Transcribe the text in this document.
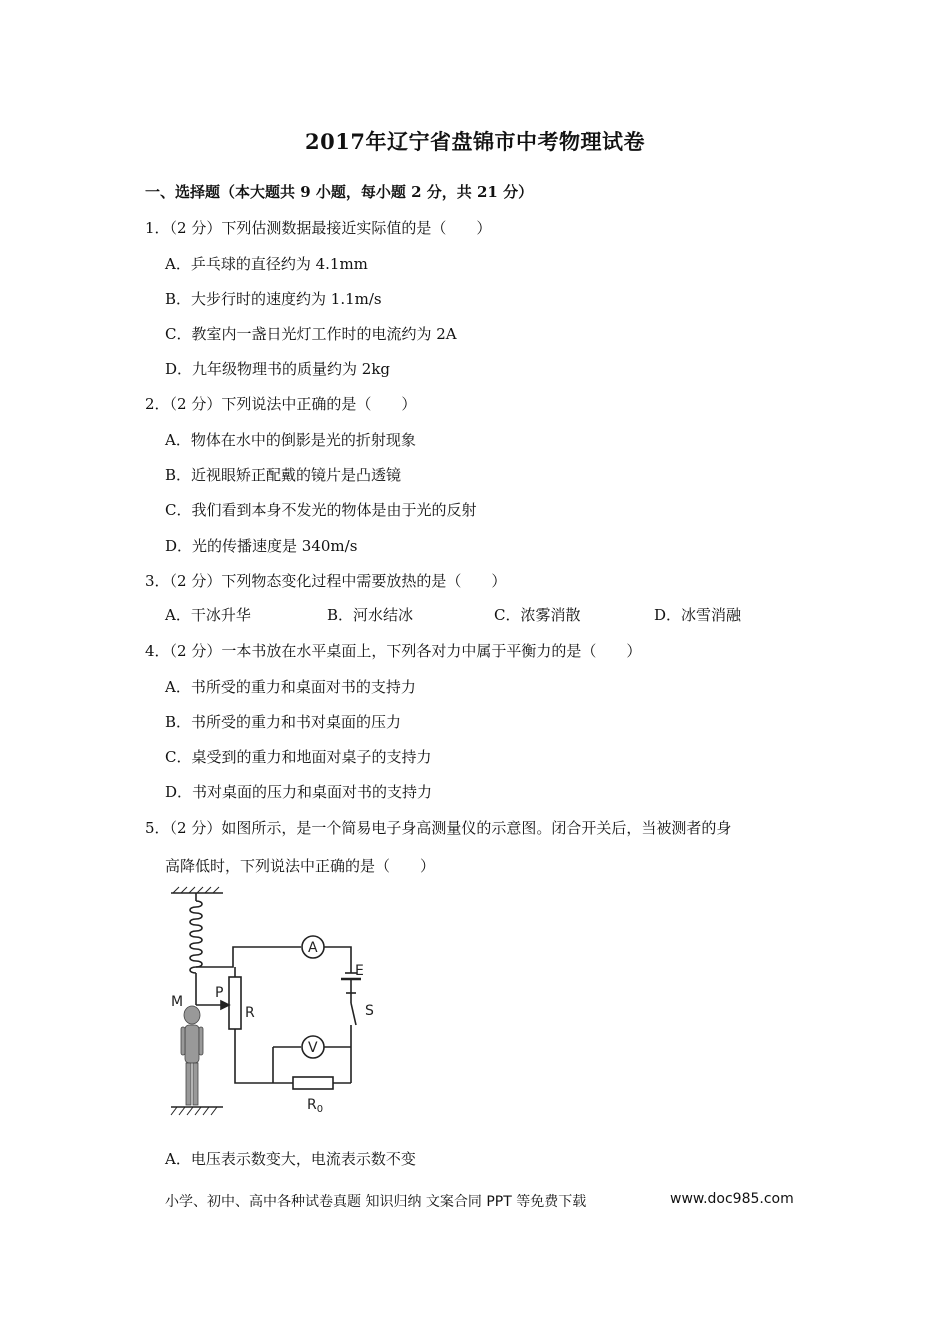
2017年辽宁省盘锦市中考物理试卷
一、选择题（本大题共 9 小题，每小题 2 分，共 21 分）
1．（2 分）下列估测数据最接近实际值的是（　　）
A．乒乓球的直径约为 4.1mm
B．大步行时的速度约为 1.1m/s
C．教室内一盏日光灯工作时的电流约为 2A
D．九年级物理书的质量约为 2kg
2．（2 分）下列说法中正确的是（　　）
A．物体在水中的倒影是光的折射现象
B．近视眼矫正配戴的镜片是凸透镜
C．我们看到本身不发光的物体是由于光的反射
D．光的传播速度是 340m/s
3．（2 分）下列物态变化过程中需要放热的是（　　）
A．干冰升华	B．河水结冰	C．浓雾消散	D．冰雪消融
4．（2 分）一本书放在水平桌面上，下列各对力中属于平衡力的是（　　）
A．书所受的重力和桌面对书的支持力
B．书所受的重力和书对桌面的压力
C．桌受到的重力和地面对桌子的支持力
D．书对桌面的压力和桌面对书的支持力
5．（2 分）如图所示，是一个简易电子身高测量仪的示意图。闭合开关后，当被测者的身
高降低时，下列说法中正确的是（　　）
A
V
E
S
P
M
R
$R_0$
A．电压表示数变大，电流表示数不变
小学、初中、高中各种试卷真题 知识归纳 文案合同 PPT 等免费下载	www.doc985.com
